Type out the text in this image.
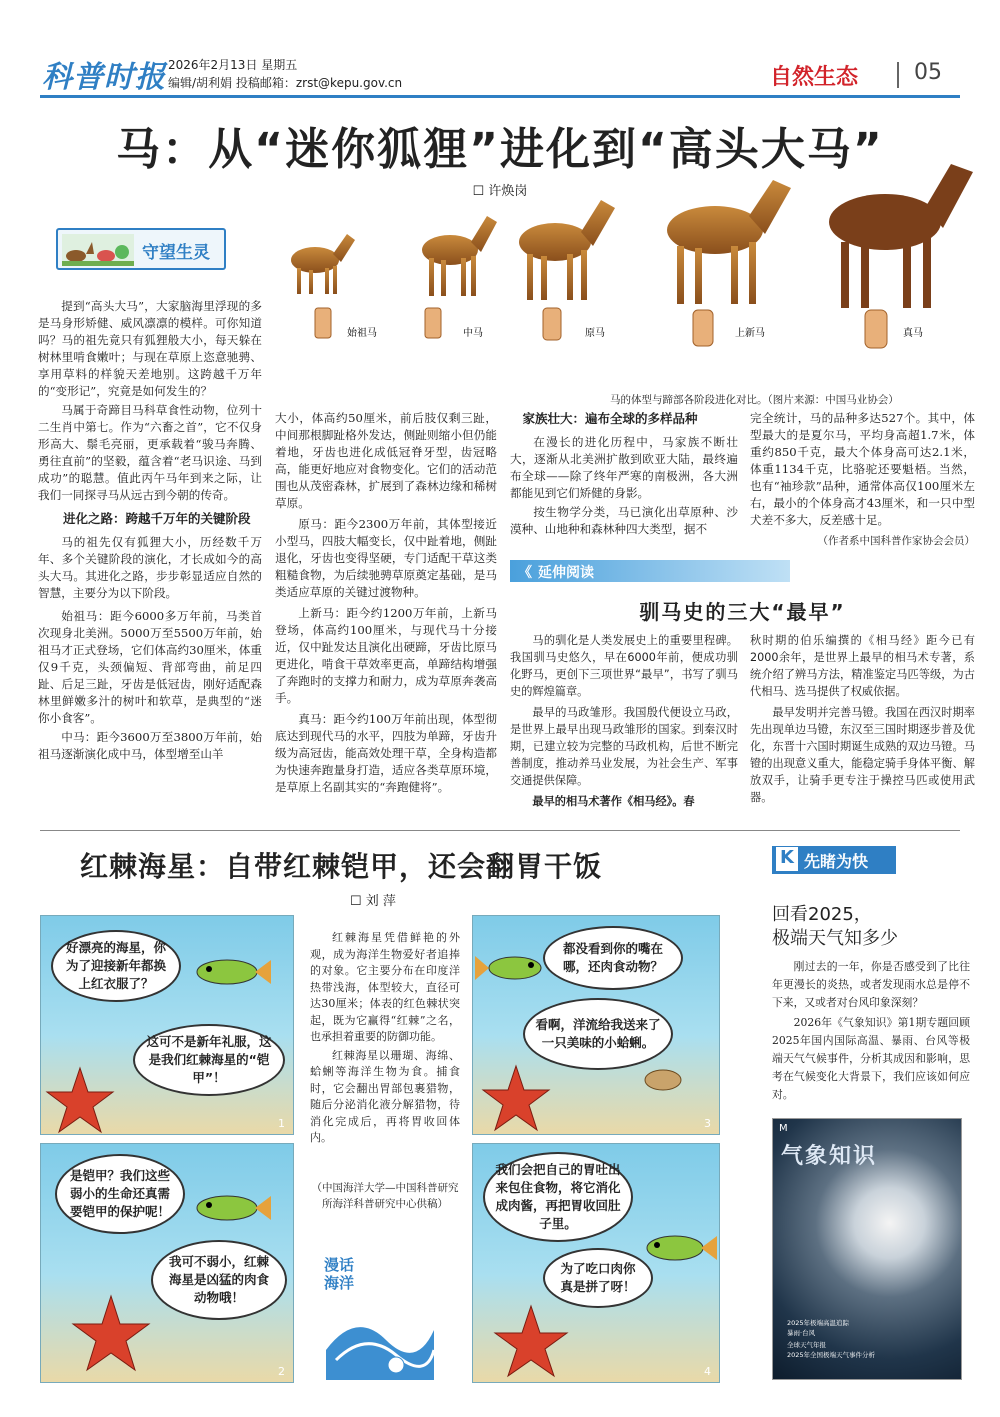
科普时报 2026年2月13日 星期五
编辑/胡利娟 投稿邮箱：zrst@kepu.gov.cn	自然生态	05
马：从“迷你狐狸”进化到“高头大马”
☐ 许焕岗
守望生灵
始祖马	中马	原马	上新马	真马
马的体型与蹄部各阶段进化对比。（图片来源：中国马业协会）

提到“高头大马”，大家脑海里浮现的多是马身形矫健、威风凛凛的模样。可你知道吗？马的祖先竟只有狐狸般大小，每天躲在树林里啃食嫩叶；与现在草原上恣意驰骋、享用草料的样貌天差地别。这跨越千万年的“变形记”，究竟是如何发生的？

马属于奇蹄目马科草食性动物，位列十二生肖中第七。作为“六畜之首”，它不仅身形高大、鬃毛亮丽，更承载着“骏马奔腾、勇往直前”的坚毅，蕴含着“老马识途、马到成功”的聪慧。值此丙午马年到来之际，让我们一同探寻马从远古到今朝的传奇。

进化之路：跨越千万年的关键阶段

马的祖先仅有狐狸大小，历经数千万年、多个关键阶段的演化，才长成如今的高头大马。其进化之路，步步彰显适应自然的智慧，主要分为以下阶段。

始祖马：距今6000多万年前，马类首次现身北美洲。5000万至5500万年前，始祖马才正式登场，它们体高约30厘米，体重仅9千克，头颈偏短、背部弯曲，前足四趾、后足三趾，牙齿是低冠齿，刚好适配森林里鲜嫩多汁的树叶和软草，是典型的“迷你小食客”。

中马：距今3600万至3800万年前，始祖马逐渐演化成中马，体型增至山羊

大小，体高约50厘米，前后肢仅剩三趾，中间那根脚趾格外发达，侧趾则缩小但仍能着地，牙齿也进化成低冠脊牙型，齿冠略高，能更好地应对食物变化。它们的活动范围也从茂密森林，扩展到了森林边缘和稀树草原。

原马：距今2300万年前，其体型接近小型马，四肢大幅变长，仅中趾着地，侧趾退化，牙齿也变得坚硬，专门适配干草这类粗糙食物，为后续驰骋草原奠定基础，是马类适应草原的关键过渡物种。

上新马：距今约1200万年前，上新马登场，体高约100厘米，与现代马十分接近，仅中趾发达且演化出硬蹄，牙齿比原马更进化，啃食干草效率更高，单蹄结构增强了奔跑时的支撑力和耐力，成为草原奔袭高手。

真马：距今约100万年前出现，体型彻底达到现代马的水平，四肢为单蹄，牙齿升级为高冠齿，能高效处理干草，全身构造都为快速奔跑量身打造，适应各类草原环境，是草原上名副其实的“奔跑健将”。

家族壮大：遍布全球的多样品种

在漫长的进化历程中，马家族不断壮大，逐渐从北美洲扩散到欧亚大陆，最终遍布全球——除了终年严寒的南极洲，各大洲都能见到它们矫健的身影。

按生物学分类，马已演化出草原种、沙漠种、山地种和森林种四大类型，据不

完全统计，马的品种多达527个。其中，体型最大的是夏尔马，平均身高超1.7米，体重约850千克，最大个体身高可达2.1米，体重1134千克，比骆驼还要魁梧。当然，也有“袖珍款”品种，通常体高仅100厘米左右，最小的个体身高才43厘米，和一只中型犬差不多大，反差感十足。

（作者系中国科普作家协会会员）

《 延伸阅读
驯马史的三大“最早”

马的驯化是人类发展史上的重要里程碑。我国驯马史悠久，早在6000年前，便成功驯化野马，更创下三项世界“最早”，书写了驯马史的辉煌篇章。

最早的马政雏形。我国殷代便设立马政，是世界上最早出现马政雏形的国家。到秦汉时期，已建立较为完整的马政机构，后世不断完善制度，推动养马业发展，为社会生产、军事交通提供保障。

最早的相马术著作《相马经》。春

秋时期的伯乐编撰的《相马经》距今已有2000余年，是世界上最早的相马术专著，系统介绍了辨马方法，精准鉴定马匹等级，为古代相马、选马提供了权威依据。

最早发明并完善马镫。我国在西汉时期率先出现单边马镫，东汉至三国时期逐步普及优化，东晋十六国时期诞生成熟的双边马镫。马镫的出现意义重大，能稳定骑手身体平衡、解放双手，让骑手更专注于操控马匹或使用武器。

红棘海星：自带红棘铠甲，还会翻胃干饭
☐ 刘 萍
好漂亮的海星，你为了迎接新年都换上红衣服了？
这可不是新年礼服，这是我们红棘海星的“铠甲”！
1
是铠甲？我们这些弱小的生命还真需要铠甲的保护呢！
我可不弱小，红棘海星是凶猛的肉食动物哦！
2
都没看到你的嘴在哪，还肉食动物？
看啊，洋流给我送来了一只美味的小蛤蜊。
3
我们会把自己的胃吐出来包住食物，将它消化成肉酱，再把胃收回肚子里。
为了吃口肉你真是拼了呀！
4

红棘海星凭借鲜艳的外观，成为海洋生物爱好者追捧的对象。它主要分布在印度洋热带浅海，体型较大，直径可达30厘米；体表的红色棘状突起，既为它赢得“红棘”之名，也承担着重要的防御功能。

红棘海星以珊瑚、海绵、蛤蜊等海洋生物为食。捕食时，它会翻出胃部包裹猎物，随后分泌消化液分解猎物，待消化完成后，再将胃收回体内。

（中国海洋大学—中国科普研究所海洋科普研究中心供稿）
漫话海洋
K 先睹为快
回看2025，
极端天气知多少

刚过去的一年，你是否感受到了比往年更漫长的炎热，或者发现雨水总是停不下来，又或者对台风印象深刻？

2026年《气象知识》第1期专题回顾2025年国内国际高温、暴雨、台风等极端天气气候事件，分析其成因和影响，思考在气候变化大背景下，我们应该如何应对。

M
气象知识
2025年极端高温追踪
暴雨·台风
全球天气年报
2025年全国极端天气事件分析
